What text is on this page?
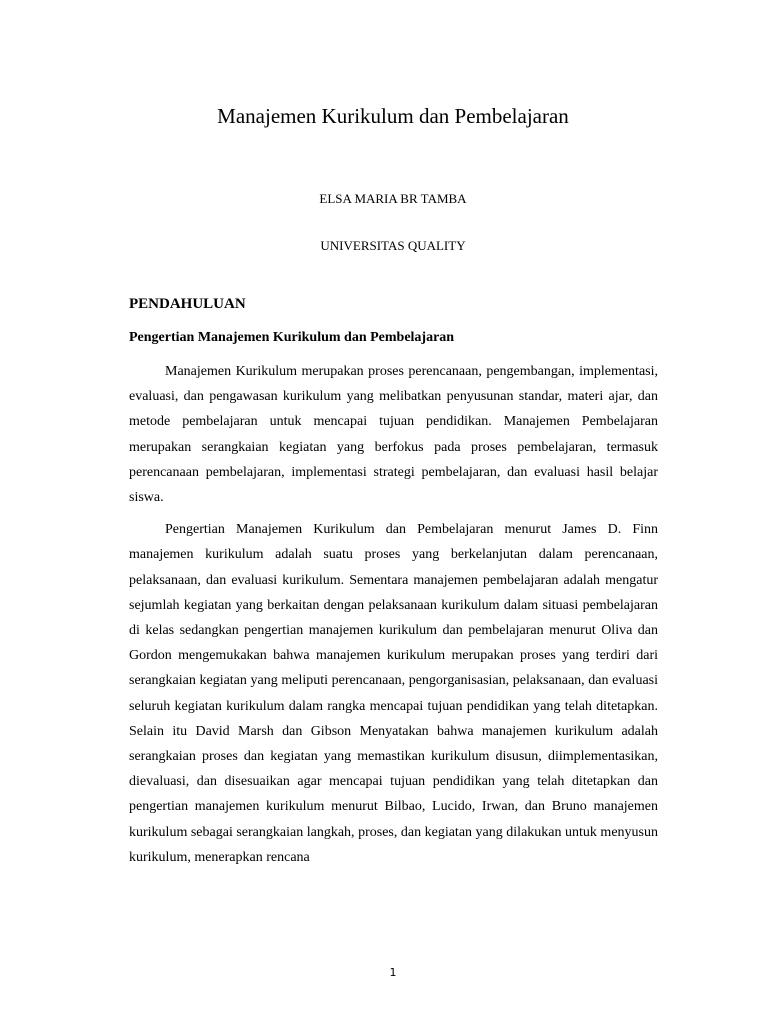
Manajemen Kurikulum dan Pembelajaran
ELSA MARIA BR TAMBA
UNIVERSITAS QUALITY
PENDAHULUAN
Pengertian Manajemen Kurikulum dan Pembelajaran

Manajemen Kurikulum merupakan proses perencanaan, pengembangan, implementasi, evaluasi, dan pengawasan kurikulum yang melibatkan penyusunan standar, materi ajar, dan metode pembelajaran untuk mencapai tujuan pendidikan. Manajemen Pembelajaran merupakan serangkaian kegiatan yang berfokus pada proses pembelajaran, termasuk perencanaan pembelajaran, implementasi strategi pembelajaran, dan evaluasi hasil belajar siswa.

Pengertian Manajemen Kurikulum dan Pembelajaran menurut James D. Finn manajemen kurikulum adalah suatu proses yang berkelanjutan dalam perencanaan, pelaksanaan, dan evaluasi kurikulum. Sementara manajemen pembelajaran adalah mengatur sejumlah kegiatan yang berkaitan dengan pelaksanaan kurikulum dalam situasi pembelajaran di kelas sedangkan pengertian manajemen kurikulum dan pembelajaran menurut Oliva dan Gordon mengemukakan bahwa manajemen kurikulum merupakan proses yang terdiri dari serangkaian kegiatan yang meliputi perencanaan, pengorganisasian, pelaksanaan, dan evaluasi seluruh kegiatan kurikulum dalam rangka mencapai tujuan pendidikan yang telah ditetapkan. Selain itu David Marsh dan Gibson Menyatakan bahwa manajemen kurikulum adalah serangkaian proses dan kegiatan yang memastikan kurikulum disusun, diimplementasikan, dievaluasi, dan disesuaikan agar mencapai tujuan pendidikan yang telah ditetapkan dan pengertian manajemen kurikulum menurut Bilbao, Lucido, Irwan, dan Bruno manajemen kurikulum sebagai serangkaian langkah, proses, dan kegiatan yang dilakukan untuk menyusun kurikulum, menerapkan rencana

1
